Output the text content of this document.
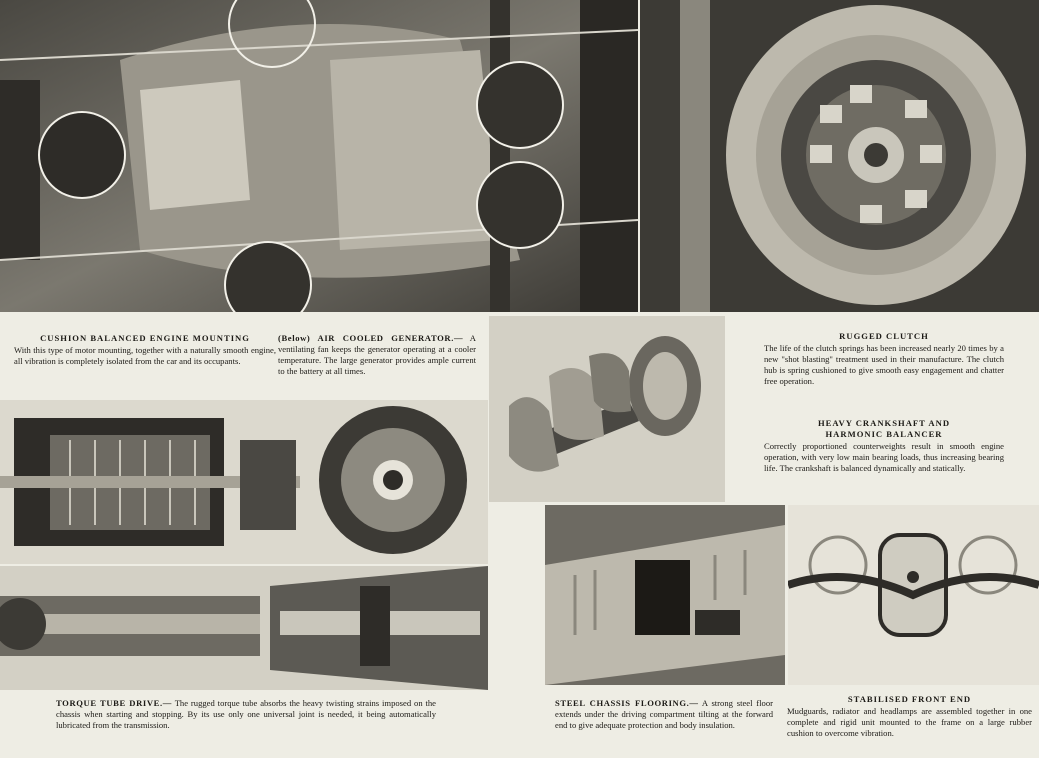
CUSHION BALANCED ENGINE MOUNTING
With this type of motor mounting, together with a naturally smooth engine, all vibration is completely isolated from the car and its occupants.
(Below) AIR COOLED GENERATOR.— A ventilating fan keeps the generator operating at a cooler temperature. The large generator provides ample current to the battery at all times.
RUGGED CLUTCH
The life of the clutch springs has been increased nearly 20 times by a new "shot blasting" treatment used in their manufacture. The clutch hub is spring cushioned to give smooth easy engagement and chatter free operation.
HEAVY CRANKSHAFT AND HARMONIC BALANCER
Correctly proportioned counterweights result in smooth engine operation, with very low main bearing loads, thus increasing bearing life. The crankshaft is balanced dynamically and statically.
TORQUE TUBE DRIVE.— The rugged torque tube absorbs the heavy twisting strains imposed on the chassis when starting and stopping. By its use only one universal joint is needed, it being automatically lubricated from the transmission.
STEEL CHASSIS FLOORING.— A strong steel floor extends under the driving compartment tilting at the forward end to give adequate protection and body insulation.
STABILISED FRONT END
Mudguards, radiator and headlamps are assembled together in one complete and rigid unit mounted to the frame on a large rubber cushion to overcome vibration.
